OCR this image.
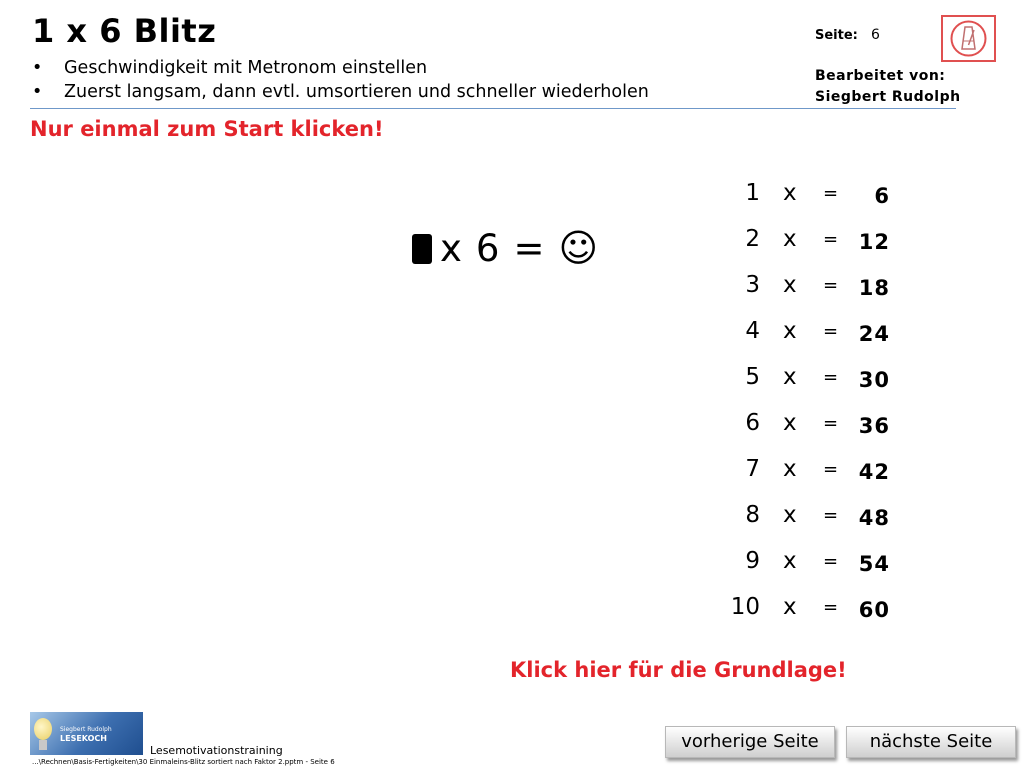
1 x 6 Blitz
• Geschwindigkeit mit Metronom einstellen
• Zuerst langsam, dann evtl. umsortieren und schneller wiederholen
Seite: 6
Bearbeitet von:
Siegbert Rudolph
Nur einmal zum Start klicken!
x 6 = ☺
1 x = 6
2 x = 12
3 x = 18
4 x = 24
5 x = 30
6 x = 36
7 x = 42
8 x = 48
9 x = 54
10 x = 60
Klick hier für die Grundlage!
Siegbert Rudolph
LESEKOCH
Lesemotivationstraining
...\Rechnen\Basis-Fertigkeiten\30 Einmaleins-Blitz sortiert nach Faktor 2.pptm - Seite 6
vorherige Seite	nächste Seite
